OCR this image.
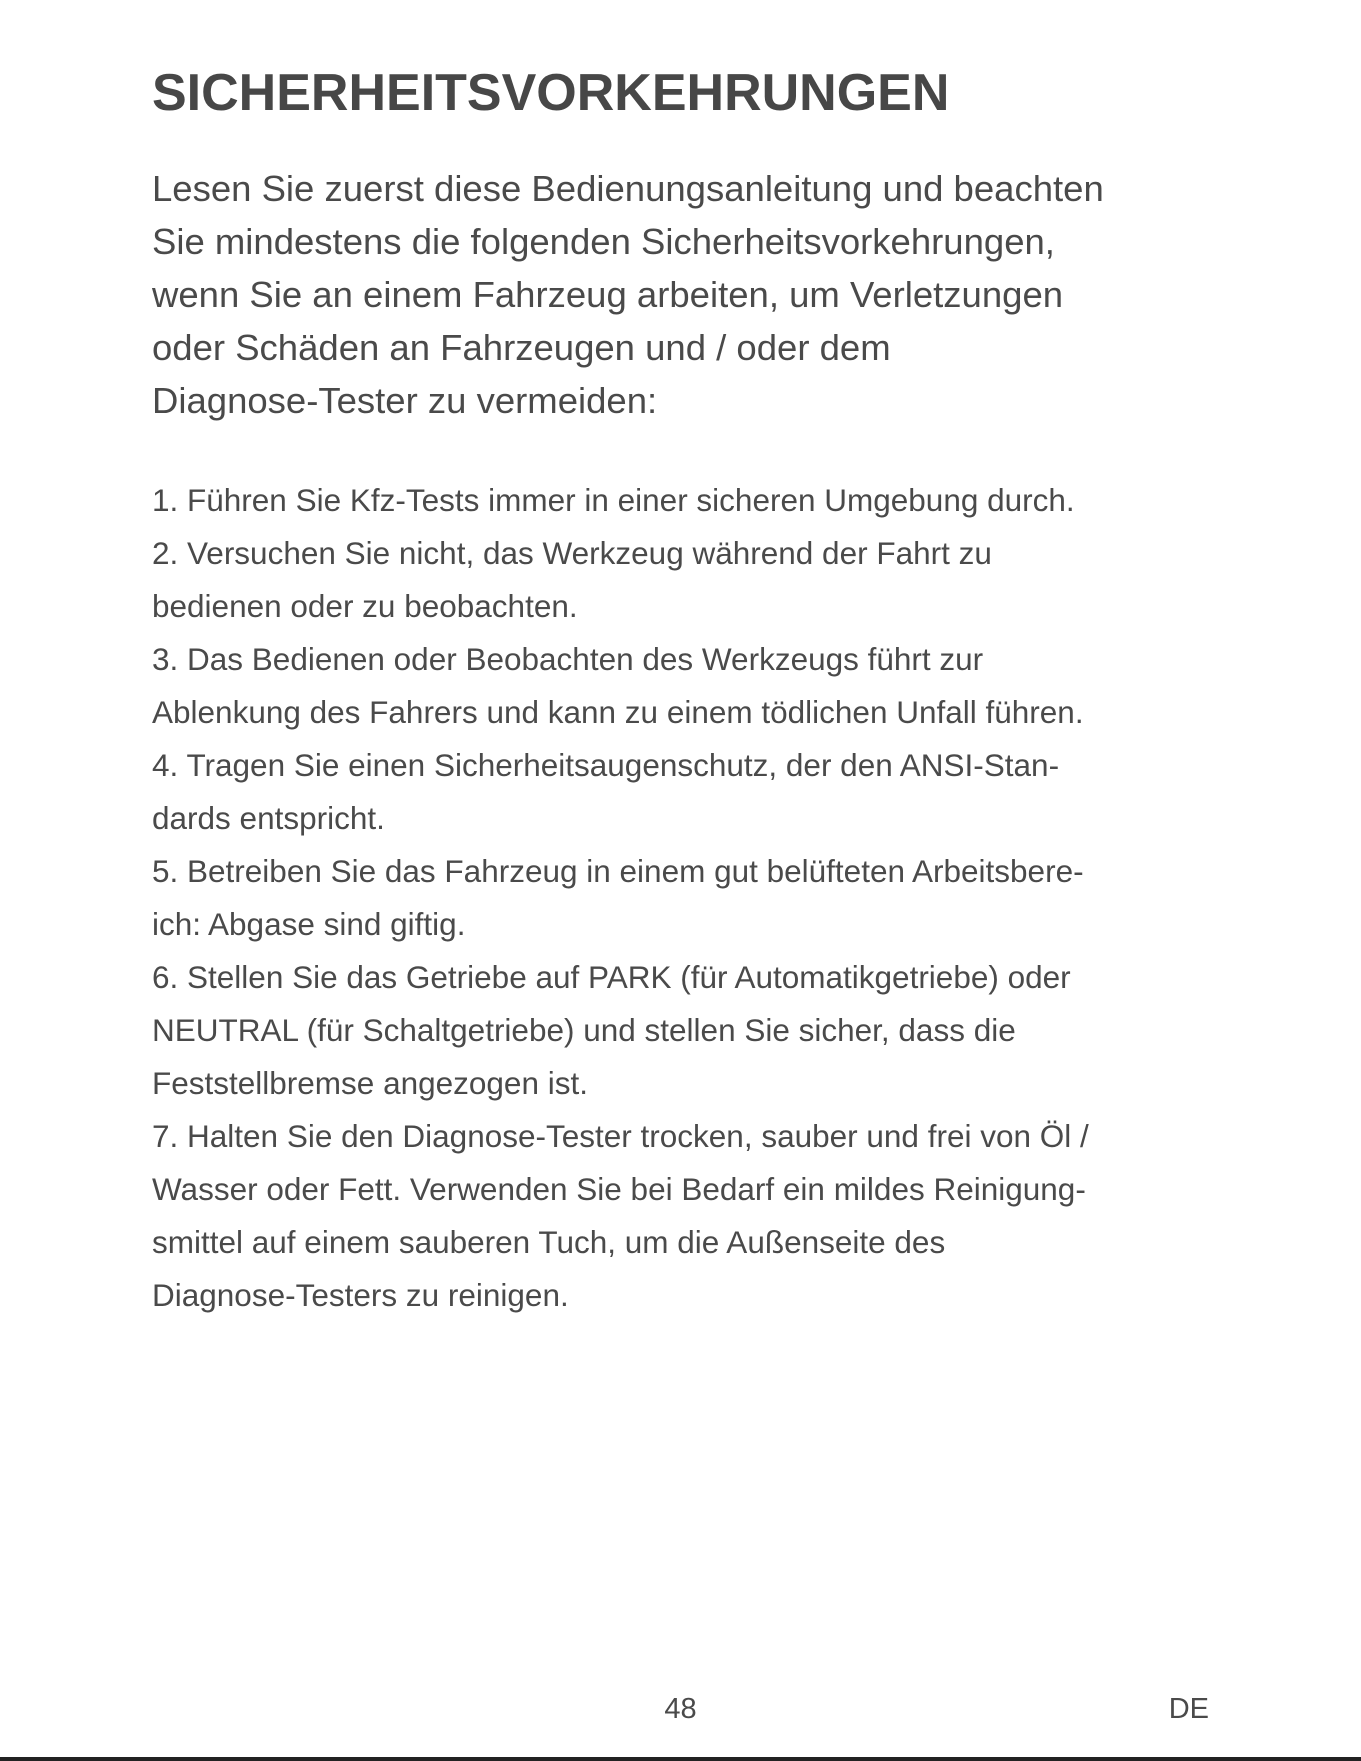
SICHERHEITSVORKEHRUNGEN

Lesen Sie zuerst diese Bedienungsanleitung und beachten
Sie mindestens die folgenden Sicherheitsvorkehrungen,
wenn Sie an einem Fahrzeug arbeiten, um Verletzungen
oder Schäden an Fahrzeugen und / oder dem
Diagnose-Tester zu vermeiden:

1. Führen Sie Kfz-Tests immer in einer sicheren Umgebung durch.
2. Versuchen Sie nicht, das Werkzeug während der Fahrt zu
bedienen oder zu beobachten.
3. Das Bedienen oder Beobachten des Werkzeugs führt zur
Ablenkung des Fahrers und kann zu einem tödlichen Unfall führen.
4. Tragen Sie einen Sicherheitsaugenschutz, der den ANSI-Stan-
dards entspricht.
5. Betreiben Sie das Fahrzeug in einem gut belüfteten Arbeitsbere-
ich: Abgase sind giftig.
6. Stellen Sie das Getriebe auf PARK (für Automatikgetriebe) oder
NEUTRAL (für Schaltgetriebe) und stellen Sie sicher, dass die
Feststellbremse angezogen ist.
7. Halten Sie den Diagnose-Tester trocken, sauber und frei von Öl /
Wasser oder Fett. Verwenden Sie bei Bedarf ein mildes Reinigung-
smittel auf einem sauberen Tuch, um die Außenseite des
Diagnose-Testers zu reinigen.
48	DE
